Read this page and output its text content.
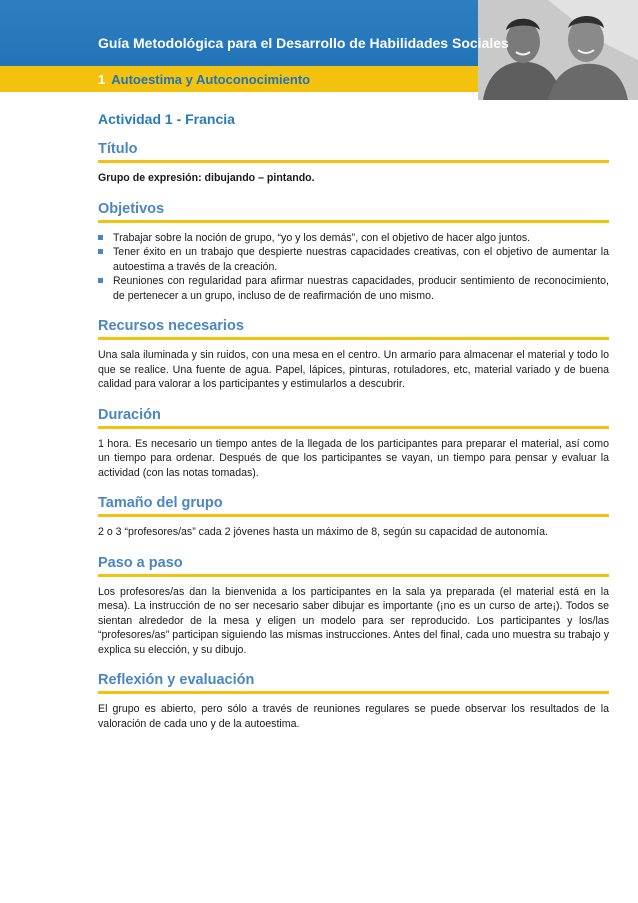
Guía Metodológica para el Desarrollo de Habilidades Sociales
1 Autoestima y Autoconocimiento
Actividad 1 - Francia
Título

Grupo de expresión: dibujando – pintando.

Objetivos
Trabajar sobre la noción de grupo, “yo y los demás”, con el objetivo de hacer algo juntos.
Tener éxito en un trabajo que despierte nuestras capacidades creativas, con el objetivo de aumentar la autoestima a través de la creación.
Reuniones con regularidad para afirmar nuestras capacidades, producir sentimiento de reconocimiento, de pertenecer a un grupo, incluso de de reafirmación de uno mismo.
Recursos necesarios

Una sala iluminada y sin ruidos, con una mesa en el centro. Un armario para almacenar el material y todo lo que se realice. Una fuente de agua. Papel, lápices, pinturas, rotuladores, etc, material variado y de buena calidad para valorar a los participantes y estimularlos a descubrir.

Duración

1 hora. Es necesario un tiempo antes de la llegada de los participantes para preparar el material, así como un tiempo para ordenar. Después de que los participantes se vayan, un tiempo para pensar y evaluar la actividad (con las notas tomadas).

Tamaño del grupo

2 o 3 “profesores/as” cada 2 jóvenes hasta un máximo de 8, según su capacidad de autonomía.

Paso a paso

Los profesores/as dan la bienvenida a los participantes en la sala ya preparada (el material está en la mesa). La instrucción de no ser necesario saber dibujar es importante (¡no es un curso de arte¡). Todos se sientan alrededor de la mesa y eligen un modelo para ser reproducido. Los participantes y los/las “profesores/as” participan siguiendo las mismas instrucciones. Antes del final, cada uno muestra su trabajo y explica su elección, y su dibujo.

Reflexión y evaluación

El grupo es abierto, pero sólo a través de reuniones regulares se puede observar los resultados de la valoración de cada uno y de la autoestima.
